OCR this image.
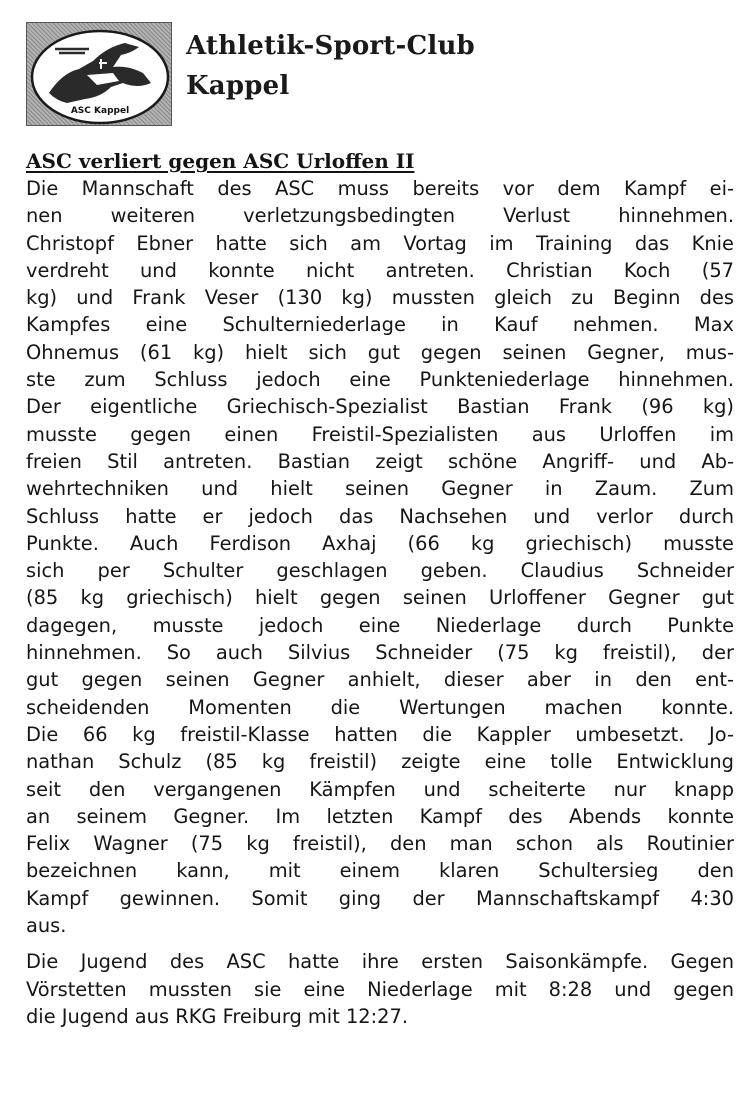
ASC Kappel
Athletik-Sport-Club
Kappel
ASC verliert gegen ASC Urloffen II

Die Mannschaft des ASC muss bereits vor dem Kampf ei-
nen weiteren verletzungsbedingten Verlust hinnehmen.
Christopf Ebner hatte sich am Vortag im Training das Knie
verdreht und konnte nicht antreten. Christian Koch (57
kg) und Frank Veser (130 kg) mussten gleich zu Beginn des
Kampfes eine Schulterniederlage in Kauf nehmen. Max
Ohnemus (61 kg) hielt sich gut gegen seinen Gegner, mus-
ste zum Schluss jedoch eine Punkteniederlage hinnehmen.
Der eigentliche Griechisch-Spezialist Bastian Frank (96 kg)
musste gegen einen Freistil-Spezialisten aus Urloffen im
freien Stil antreten. Bastian zeigt schöne Angriff- und Ab-
wehrtechniken und hielt seinen Gegner in Zaum. Zum
Schluss hatte er jedoch das Nachsehen und verlor durch
Punkte. Auch Ferdison Axhaj (66 kg griechisch) musste
sich per Schulter geschlagen geben. Claudius Schneider
(85 kg griechisch) hielt gegen seinen Urloffener Gegner gut
dagegen, musste jedoch eine Niederlage durch Punkte
hinnehmen. So auch Silvius Schneider (75 kg freistil), der
gut gegen seinen Gegner anhielt, dieser aber in den ent-
scheidenden Momenten die Wertungen machen konnte.
Die 66 kg freistil-Klasse hatten die Kappler umbesetzt. Jo-
nathan Schulz (85 kg freistil) zeigte eine tolle Entwicklung
seit den vergangenen Kämpfen und scheiterte nur knapp
an seinem Gegner. Im letzten Kampf des Abends konnte
Felix Wagner (75 kg freistil), den man schon als Routinier
bezeichnen kann, mit einem klaren Schultersieg den
Kampf gewinnen. Somit ging der Mannschaftskampf 4:30
aus.

Die Jugend des ASC hatte ihre ersten Saisonkämpfe. Gegen
Vörstetten mussten sie eine Niederlage mit 8:28 und gegen
die Jugend aus RKG Freiburg mit 12:27.
